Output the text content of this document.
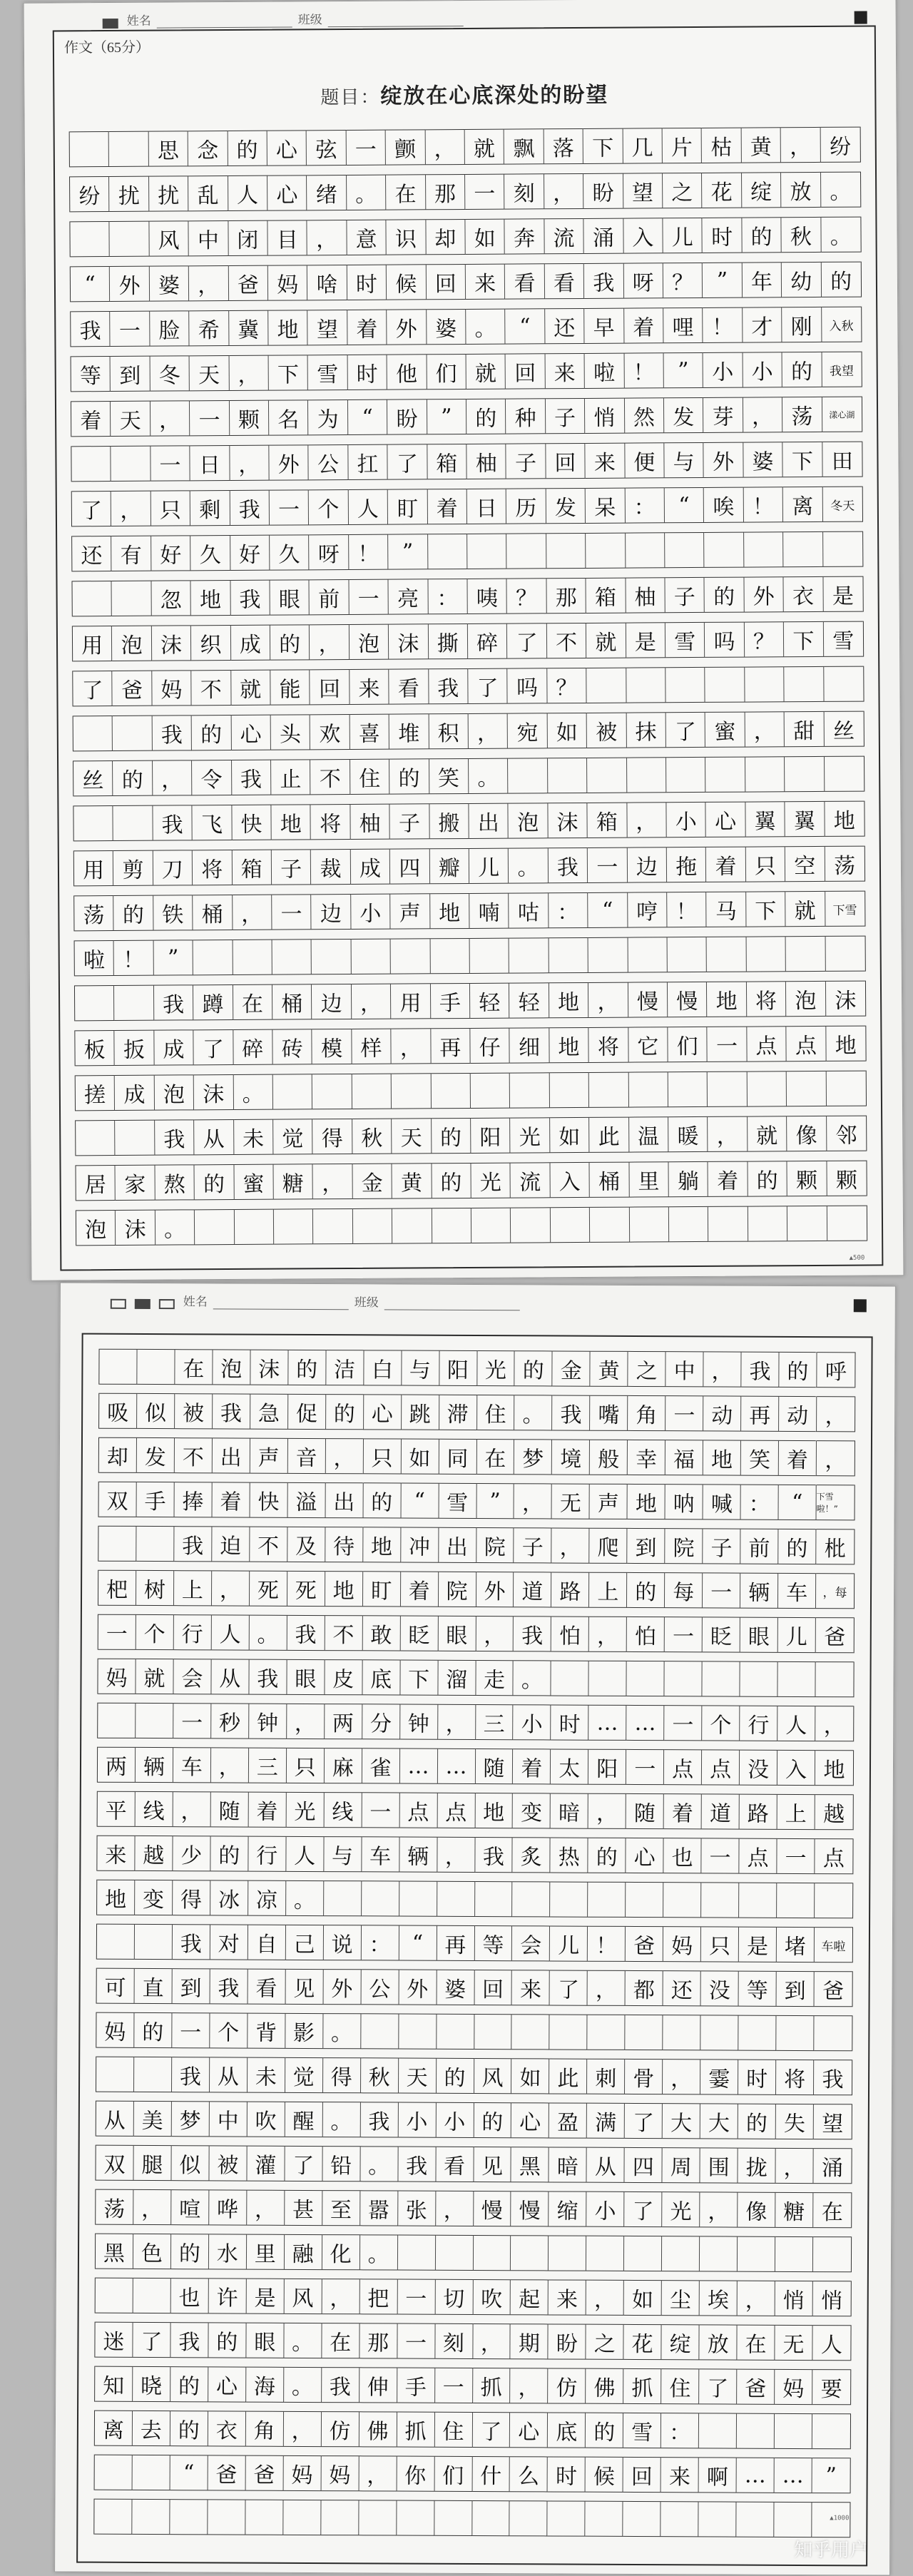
姓名	班级
作文（65分）
题目：绽放在心底深处的盼望
思 念 的 心 弦 一 颤 ， 就 飘 落 下 几 片 枯 黄 ， 纷
纷 扰 扰 乱 人 心 绪 。 在 那 一 刻 ， 盼 望 之 花 绽 放 。
风 中 闭 目 ， 意 识 却 如 奔 流 涌 入 儿 时 的 秋 。
“	外 婆 ， 爸 妈 啥 时 候 回 来 看 看 我 呀 ？	”	年 幼 的
我 一 脸 希 冀 地 望 着 外 婆 。	“	还 早 着 哩 ！ 才 刚	入秋
等 到 冬 天 ， 下 雪 时 他 们 就 回 来 啦 ！	”	小 小 的	我望
着 天 ， 一 颗 名 为	“	盼	”	的 种 子 悄 然 发 芽 ， 荡	漾心湖
一 日 ， 外 公 扛 了 箱 柚 子 回 来 便 与 外 婆 下 田
了 ， 只 剩 我 一 个 人 盯 着 日 历 发 呆 ：	“	唉 ！ 离	冬天
还 有 好 久 好 久 呀 ！	”
忽 地 我 眼 前 一 亮 ： 咦 ？ 那 箱 柚 子 的 外 衣 是
用 泡 沫 织 成 的 ， 泡 沫 撕 碎 了 不 就 是 雪 吗 ？ 下 雪
了 爸 妈 不 就 能 回 来 看 我 了 吗 ？
我 的 心 头 欢 喜 堆 积 ， 宛 如 被 抹 了 蜜 ， 甜 丝
丝 的 ， 令 我 止 不 住 的 笑 。
我 飞 快 地 将 柚 子 搬 出 泡 沫 箱 ， 小 心 翼 翼 地
用 剪 刀 将 箱 子 裁 成 四 瓣 儿 。 我 一 边 拖 着 只 空 荡
荡 的 铁 桶 ， 一 边 小 声 地 喃 咕 ：	“	哼 ！ 马 下 就	下雪
啦 ！	”
我 蹲 在 桶 边 ， 用 手 轻 轻 地 ， 慢 慢 地 将 泡 沫
板 扳 成 了 碎 砖 模 样 ， 再 仔 细 地 将 它 们 一 点 点 地
搓 成 泡 沫 。
我 从 未 觉 得 秋 天 的 阳 光 如 此 温 暖 ， 就 像 邻
居 家 熬 的 蜜 糖 ， 金 黄 的 光 流 入 桶 里 躺 着 的 颗 颗
泡 沫 。
▲500
姓名	班级
在 泡 沫 的 洁 白 与 阳 光 的 金 黄 之 中 ， 我 的 呼
吸 似 被 我 急 促 的 心 跳 滞 住 。 我 嘴 角 一 动 再 动 ，
却 发 不 出 声 音 ， 只 如 同 在 梦 境 般 幸 福 地 笑 着 ，
双 手 捧 着 快 溢 出 的	“	雪	”	， 无 声 地 呐 喊 ：	“	下雪啦！”
我 迫 不 及 待 地 冲 出 院 子 ， 爬 到 院 子 前 的 枇
杷 树 上 ， 死 死 地 盯 着 院 外 道 路 上 的 每 一 辆 车	，每
一 个 行 人 。 我 不 敢 眨 眼 ， 我 怕 ， 怕 一 眨 眼 儿 爸
妈 就 会 从 我 眼 皮 底 下 溜 走 。
一 秒 钟 ， 两 分 钟 ， 三 小 时 … … 一 个 行 人 ，
两 辆 车 ， 三 只 麻 雀 … … 随 着 太 阳 一 点 点 没 入 地
平 线 ， 随 着 光 线 一 点 点 地 变 暗 ， 随 着 道 路 上 越
来 越 少 的 行 人 与 车 辆 ， 我 炙 热 的 心 也 一 点 一 点
地 变 得 冰 凉 。
我 对 自 己 说 ：	“	再 等 会 儿 ！ 爸 妈 只 是 堵	车啦
可 直 到 我 看 见 外 公 外 婆 回 来 了 ， 都 还 没 等 到 爸
妈 的 一 个 背 影 。
我 从 未 觉 得 秋 天 的 风 如 此 刺 骨 ， 霎 时 将 我
从 美 梦 中 吹 醒 。 我 小 小 的 心 盈 满 了 大 大 的 失 望
双 腿 似 被 灌 了 铅 。 我 看 见 黑 暗 从 四 周 围 拢 ， 涌
荡 ， 喧 哗 ， 甚 至 嚣 张 ， 慢 慢 缩 小 了 光 ， 像 糖 在
黑 色 的 水 里 融 化 。
也 许 是 风 ， 把 一 切 吹 起 来 ， 如 尘 埃 ， 悄 悄
迷 了 我 的 眼 。 在 那 一 刻 ， 期 盼 之 花 绽 放 在 无 人
知 晓 的 心 海 。 我 伸 手 一 抓 ， 仿 佛 抓 住 了 爸 妈 要
离 去 的 衣 角 ， 仿 佛 抓 住 了 心 底 的 雪 ：
“	爸 爸 妈 妈 ， 你 们 什 么 时 候 回 来 啊 … …	”
▲1000
知乎用户
